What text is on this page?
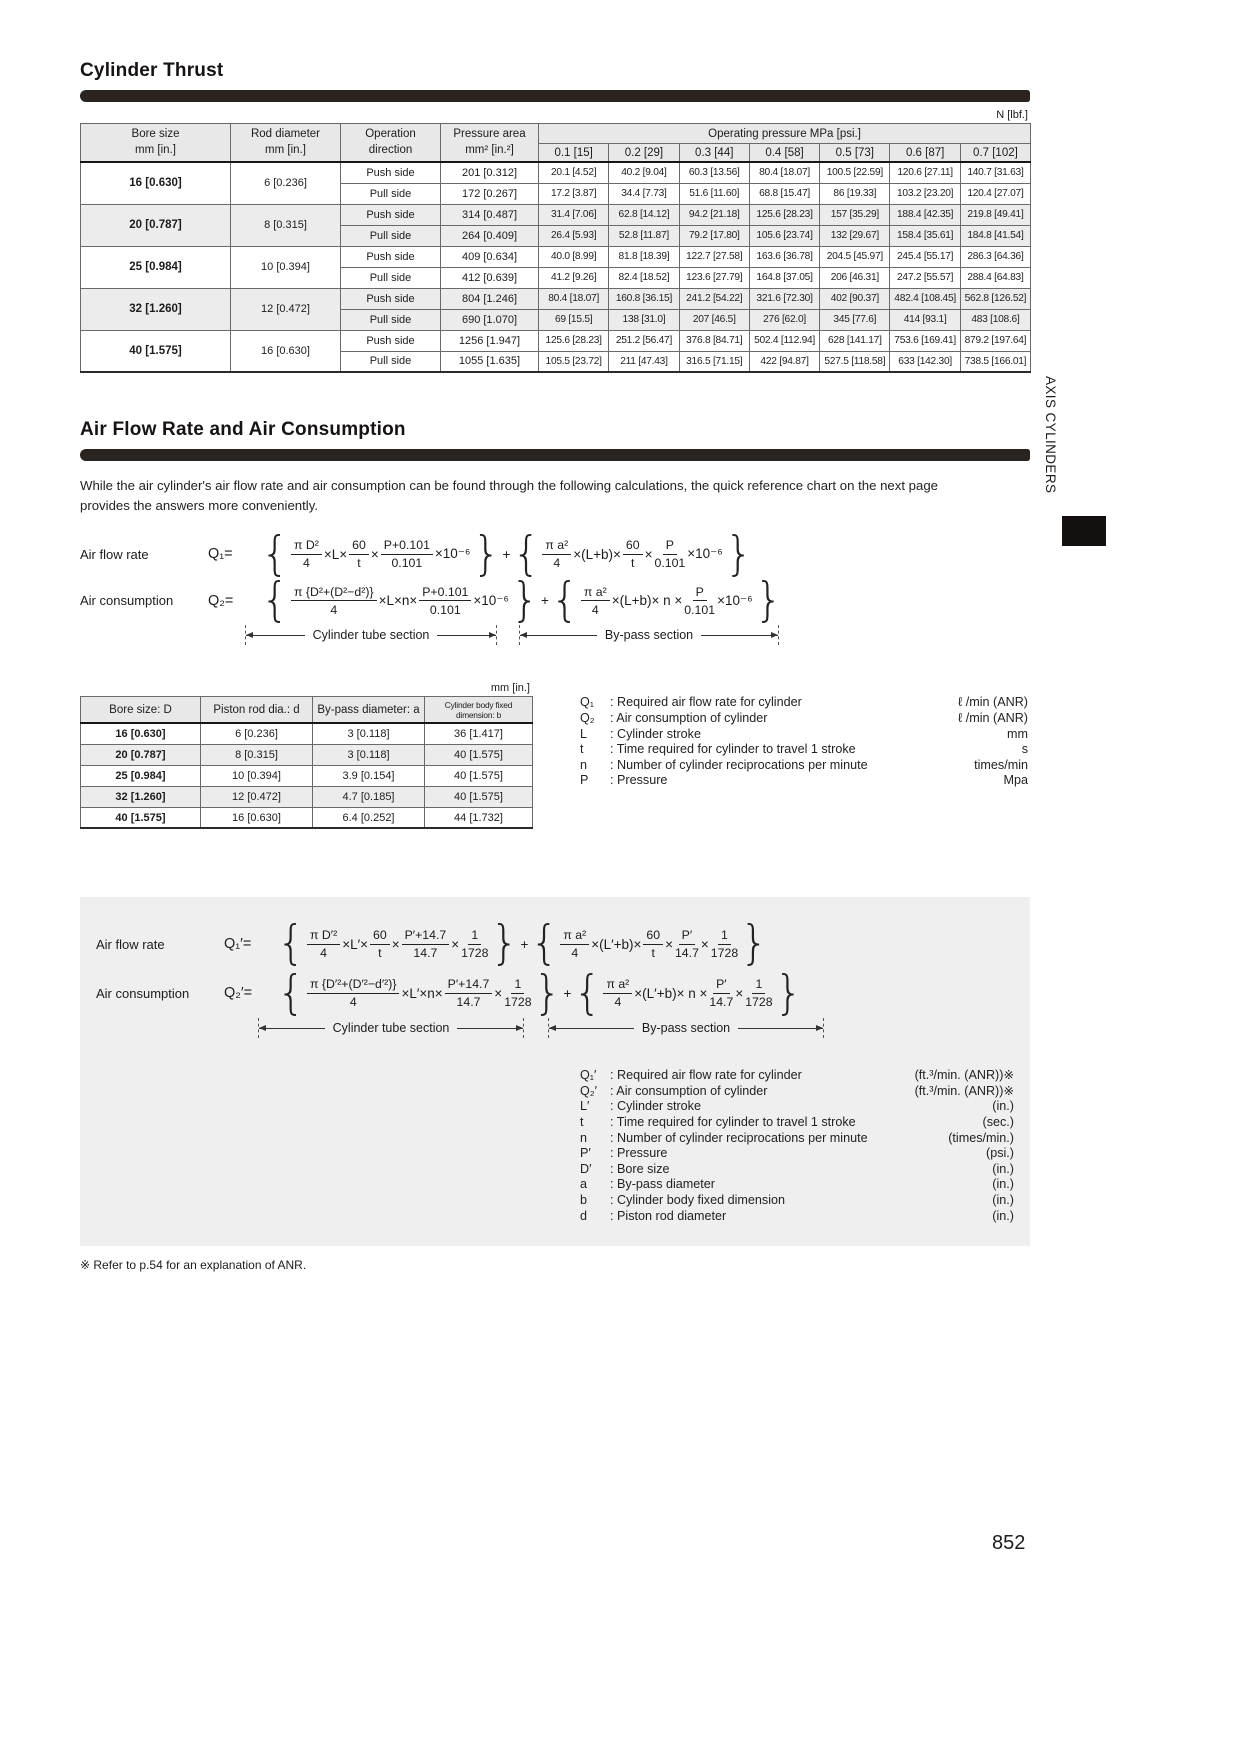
Cylinder Thrust
N [lbf.]
Bore size
mm [in.]	Rod diameter
mm [in.]	Operation
direction	Pressure area
mm² [in.²]	Operating pressure MPa [psi.]						
				0.1 [15]	0.2 [29]	0.3 [44]	0.4 [58]	0.5 [73]	0.6 [87]	0.7 [102]
16 [0.630]	6 [0.236]	Push side	201 [0.312]	20.1 [4.52]	40.2 [9.04]	60.3 [13.56]	80.4 [18.07]	100.5 [22.59]	120.6 [27.11]	140.7 [31.63]
		Pull side	172 [0.267]	17.2 [3.87]	34.4 [7.73]	51.6 [11.60]	68.8 [15.47]	86 [19.33]	103.2 [23.20]	120.4 [27.07]
20 [0.787]	8 [0.315]	Push side	314 [0.487]	31.4 [7.06]	62.8 [14.12]	94.2 [21.18]	125.6 [28.23]	157 [35.29]	188.4 [42.35]	219.8 [49.41]
		Pull side	264 [0.409]	26.4 [5.93]	52.8 [11.87]	79.2 [17.80]	105.6 [23.74]	132 [29.67]	158.4 [35.61]	184.8 [41.54]
25 [0.984]	10 [0.394]	Push side	409 [0.634]	40.0 [8.99]	81.8 [18.39]	122.7 [27.58]	163.6 [36.78]	204.5 [45.97]	245.4 [55.17]	286.3 [64.36]
		Pull side	412 [0.639]	41.2 [9.26]	82.4 [18.52]	123.6 [27.79]	164.8 [37.05]	206 [46.31]	247.2 [55.57]	288.4 [64.83]
32 [1.260]	12 [0.472]	Push side	804 [1.246]	80.4 [18.07]	160.8 [36.15]	241.2 [54.22]	321.6 [72.30]	402 [90.37]	482.4 [108.45]	562.8 [126.52]
		Pull side	690 [1.070]	69 [15.5]	138 [31.0]	207 [46.5]	276 [62.0]	345 [77.6]	414 [93.1]	483 [108.6]
40 [1.575]	16 [0.630]	Push side	1256 [1.947]	125.6 [28.23]	251.2 [56.47]	376.8 [84.71]	502.4 [112.94]	628 [141.17]	753.6 [169.41]	879.2 [197.64]
		Pull side	1055 [1.635]	105.5 [23.72]	211 [47.43]	316.5 [71.15]	422 [94.87]	527.5 [118.58]	633 [142.30]	738.5 [166.01]
Air Flow Rate and Air Consumption

While the air cylinder's air flow rate and air consumption can be found through the following calculations, the quick reference chart on the next page
provides the answers more conveniently.

Air flow rate	Q₁= { $\frac{\text{π D²}}{4} \times L\times \frac{60}{t} \times \frac{P+0.101}{0.101} \times 10^{-6}$ } + { $\frac{\text{π a²}}{4} \times(L+b)\times \frac{60}{t} \times \frac{P}{0.101} \times 10^{-6}$ }
Air consumption	Q₂= { $\frac{\text{π \{D²+(D²−d²)\}}}{4} \times L\times n\times \frac{P+0.101}{0.101} \times 10^{-6}$ } + { $\frac{\text{π a²}}{4} \times(L+b)\times n \times \frac{P}{0.101} \times 10^{-6}$ }
Cylinder tube section	By-pass section
mm [in.]
Bore size: D	Piston rod dia.: d	By-pass diameter: a	Cylinder body fixed dimension: b
16 [0.630]	6 [0.236]	3 [0.118]	36 [1.417]
20 [0.787]	8 [0.315]	3 [0.118]	40 [1.575]
25 [0.984]	10 [0.394]	3.9 [0.154]	40 [1.575]
32 [1.260]	12 [0.472]	4.7 [0.185]	40 [1.575]
40 [1.575]	16 [0.630]	6.4 [0.252]	44 [1.732]
Q₁	: Required air flow rate for cylinder	ℓ /min (ANR)
Q₂	: Air consumption of cylinder	ℓ /min (ANR)
L	: Cylinder stroke	mm
t	: Time required for cylinder to travel 1 stroke	s
n	: Number of cylinder reciprocations per minute	times/min
P	: Pressure	Mpa
Air flow rate	Q₁′= { $\frac{\text{π D′²}}{4} \times L'\times \frac{60}{t} \times \frac{P'+14.7}{14.7} \times \frac{1}{1728}$ } + { $\frac{\text{π a²}}{4} \times(L'+b)\times \frac{60}{t} \times \frac{P'}{14.7} \times \frac{1}{1728}$ }
Air consumption	Q₂′= { $\frac{\text{π \{D′²+(D′²−d′²)\}}}{4} \times L'\times n\times \frac{P'+14.7}{14.7} \times \frac{1}{1728}$ } + { $\frac{\text{π a²}}{4} \times(L'+b)\times n \times \frac{P'}{14.7} \times \frac{1}{1728}$ }
Cylinder tube section	By-pass section
Q₁′	: Required air flow rate for cylinder	(ft.³/min. (ANR))※
Q₂′	: Air consumption of cylinder	(ft.³/min. (ANR))※
L′	: Cylinder stroke	(in.)
t	: Time required for cylinder to travel 1 stroke	(sec.)
n	: Number of cylinder reciprocations per minute	(times/min.)
P′	: Pressure	(psi.)
D′	: Bore size	(in.)
a	: By-pass diameter	(in.)
b	: Cylinder body fixed dimension	(in.)
d	: Piston rod diameter	(in.)
※ Refer to p.54 for an explanation of ANR.
AXIS CYLINDERS
852
